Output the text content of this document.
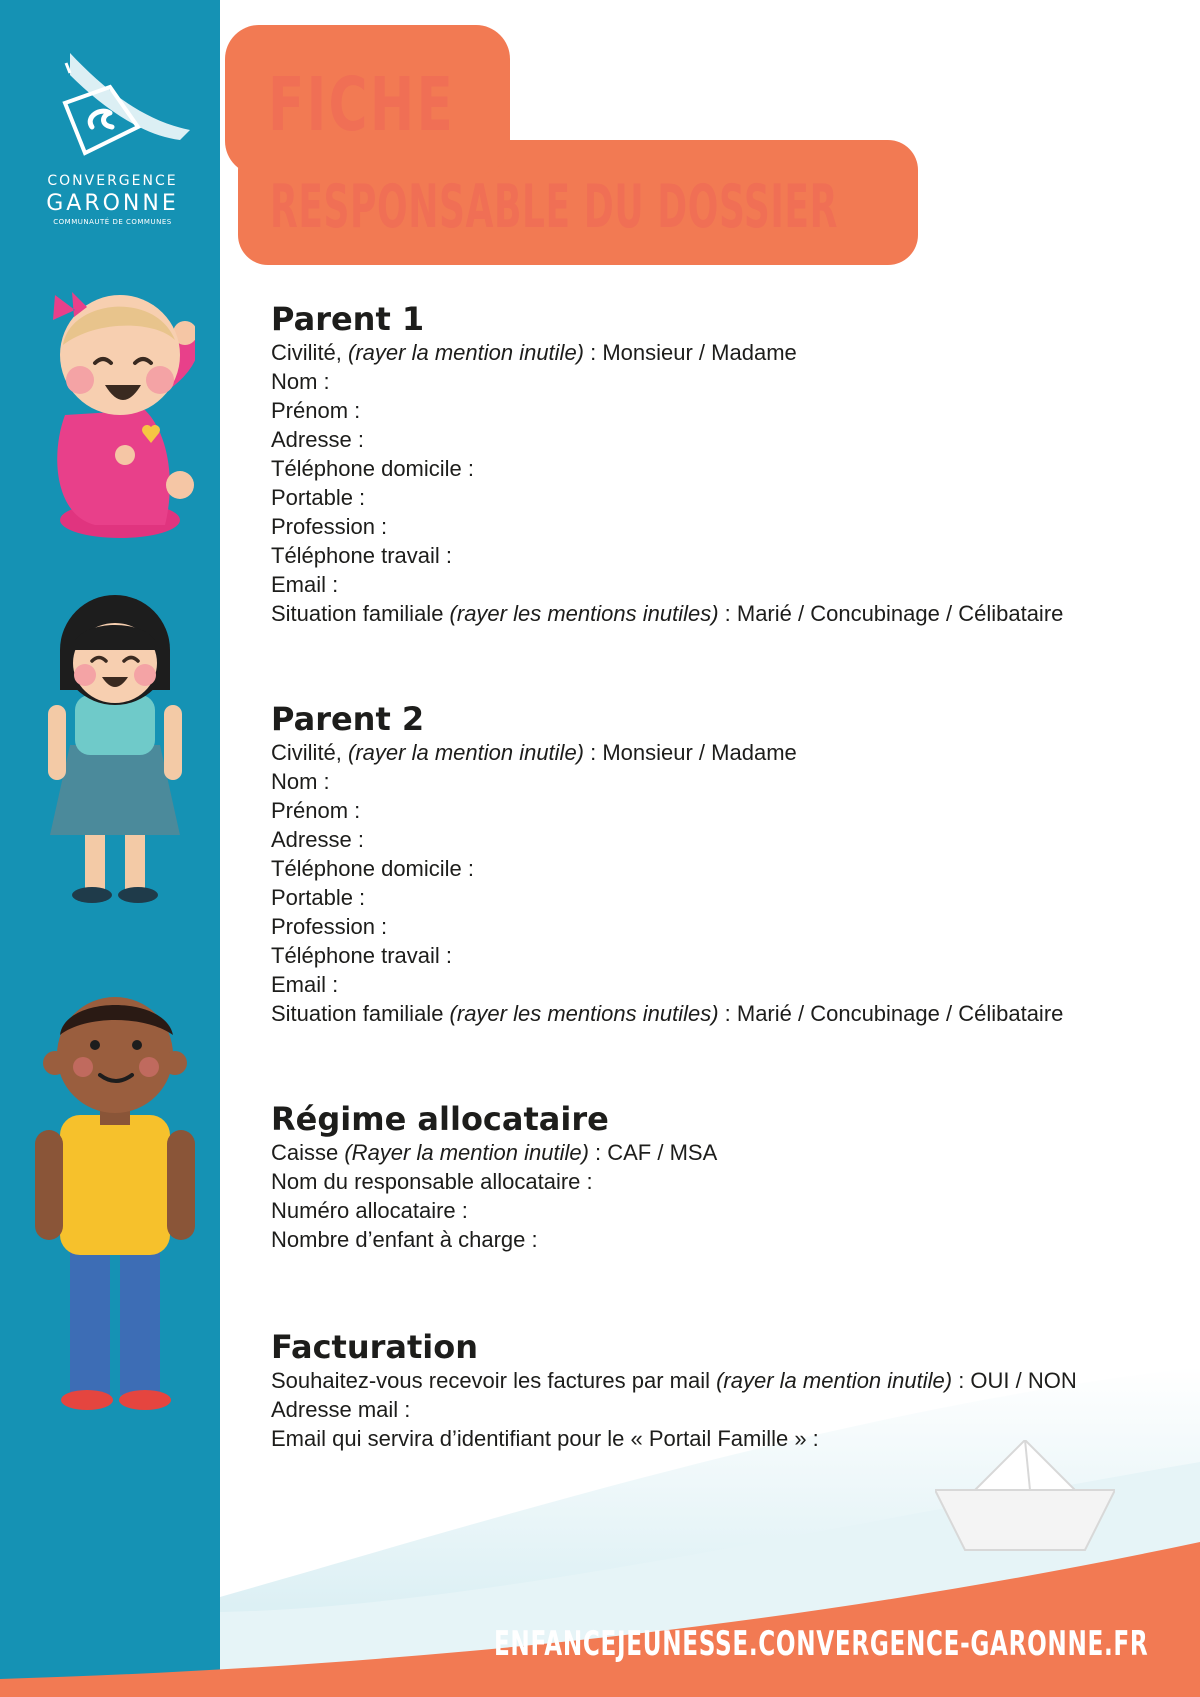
CONVERGENCE
GARONNE
COMMUNAUTÉ DE COMMUNES
FICHE
RESPONSABLE DU DOSSIER
ENFANCEJEUNESSE.CONVERGENCE-GARONNE.FR
Parent 1
Civilité, (rayer la mention inutile) : Monsieur / Madame
Nom :
Prénom :
Adresse :
Téléphone domicile :
Portable :
Profession :
Téléphone travail :
Email :
Situation familiale (rayer les mentions inutiles) : Marié / Concubinage / Célibataire
Parent 2
Civilité, (rayer la mention inutile) : Monsieur / Madame
Nom :
Prénom :
Adresse :
Téléphone domicile :
Portable :
Profession :
Téléphone travail :
Email :
Situation familiale (rayer les mentions inutiles) : Marié / Concubinage / Célibataire
Régime allocataire
Caisse (Rayer la mention inutile) : CAF / MSA
Nom du responsable allocataire :
Numéro allocataire :
Nombre d’enfant à charge :
Facturation
Souhaitez-vous recevoir les factures par mail (rayer la mention inutile) : OUI / NON
Adresse mail :
Email qui servira d’identifiant pour le « Portail Famille » :
